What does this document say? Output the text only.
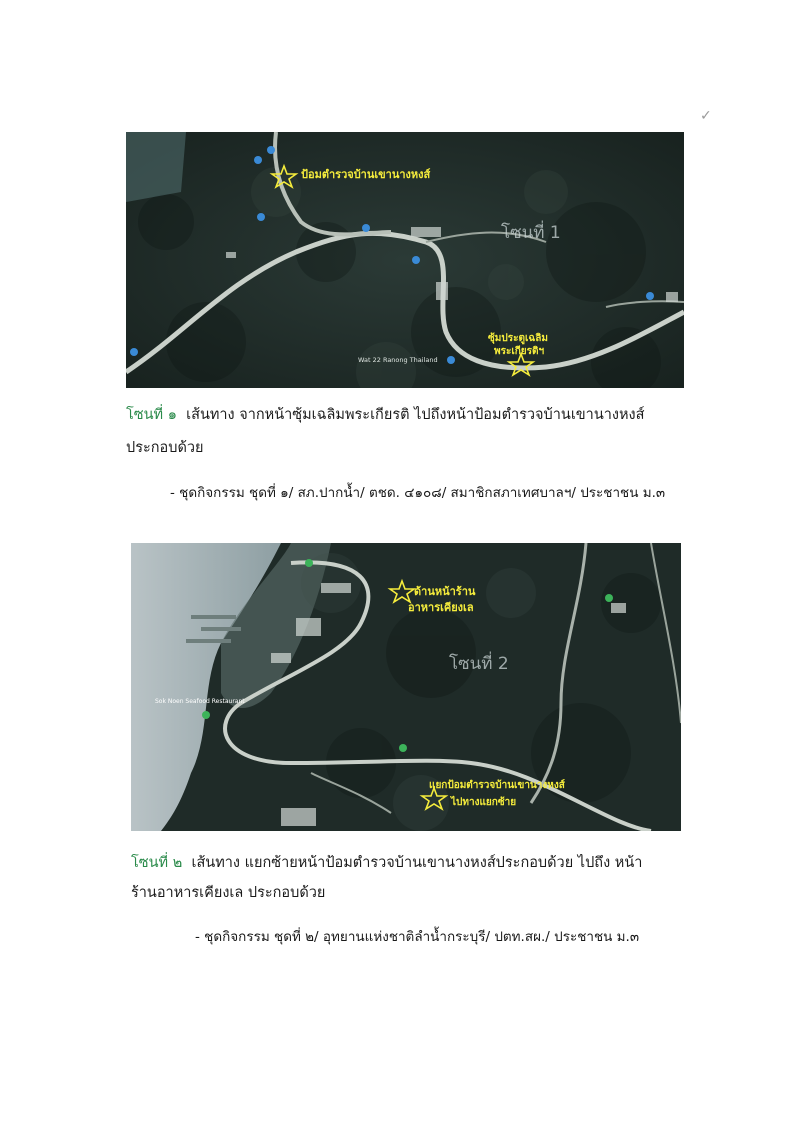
✓
ป้อมตำรวจบ้านเขานางหงส์
โซนที่ 1
ซุ้มประตูเฉลิม
พระเกียรติฯ
Wat 22 Ranong Thailand
โซนที่ ๑ เส้นทาง จากหน้าซุ้มเฉลิมพระเกียรติ ไปถึงหน้าป้อมตำรวจบ้านเขานางหงส์
ประกอบด้วย
- ชุดกิจกรรม ชุดที่ ๑/ สภ.ปากน้ำ/ ตชด. ๔๑๐๘/ สมาชิกสภาเทศบาลฯ/ ประชาชน ม.๓
ด้านหน้าร้าน
อาหารเคียงเล
โซนที่ 2
แยกป้อมตำรวจบ้านเขานางหงส์
ไปทางแยกซ้าย
Sok Noen Seafood Restaurant
โซนที่ ๒ เส้นทาง แยกซ้ายหน้าป้อมตำรวจบ้านเขานางหงส์ประกอบด้วย ไปถึง หน้า
ร้านอาหารเคียงเล ประกอบด้วย
- ชุดกิจกรรม ชุดที่ ๒/ อุทยานแห่งชาติลำน้ำกระบุรี/ ปตท.สผ./ ประชาชน ม.๓
